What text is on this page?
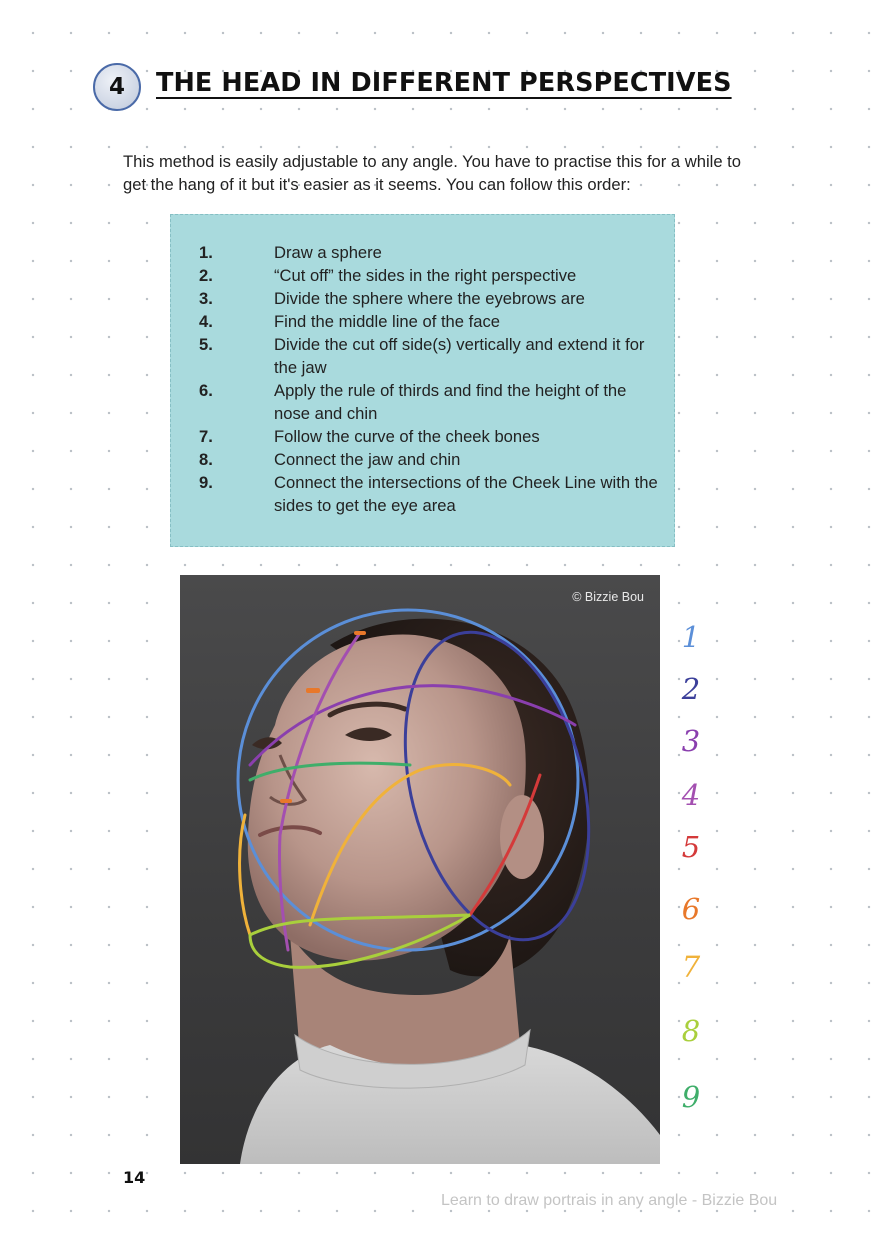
4 THE HEAD IN DIFFERENT PERSPECTIVES
This method is easily adjustable to any angle. You have to practise this for a while to get the hang of it but it's easier as it seems. You can follow this order:
1.	Draw a sphere
2.	“Cut off” the sides in the right perspective
3.	Divide the sphere where the eyebrows are
4.	Find the middle line of the face
5.	Divide the cut off side(s) vertically and extend it for the jaw
6.	Apply the rule of thirds and find the height of the nose and chin
7.	Follow the curve of the cheek bones
8.	Connect the jaw and chin
9.	Connect the intersections of the Cheek Line with the sides to get the eye area
© Bizzie Bou
1
2
3
4
5
6
7
8
9
14
Learn to draw portrais in any angle - Bizzie Bou
